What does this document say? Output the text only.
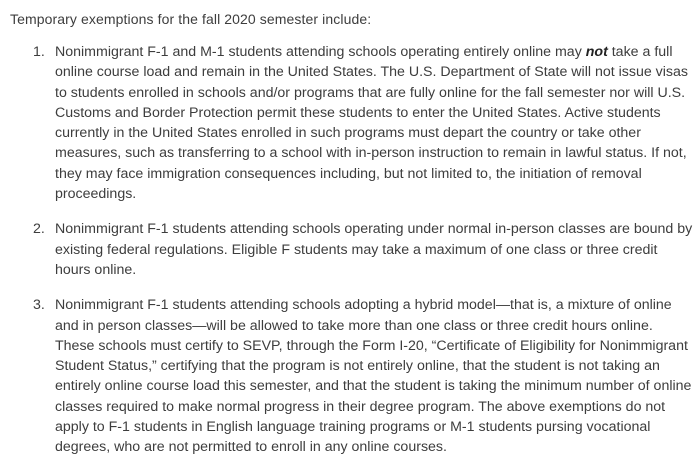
Temporary exemptions for the fall 2020 semester include:

1. Nonimmigrant F-1 and M-1 students attending schools operating entirely online may not take a full online course load and remain in the United States. The U.S. Department of State will not issue visas to students enrolled in schools and/or programs that are fully online for the fall semester nor will U.S. Customs and Border Protection permit these students to enter the United States. Active students currently in the United States enrolled in such programs must depart the country or take other measures, such as transferring to a school with in-person instruction to remain in lawful status. If not, they may face immigration consequences including, but not limited to, the initiation of removal proceedings.
2. Nonimmigrant F-1 students attending schools operating under normal in-person classes are bound by existing federal regulations. Eligible F students may take a maximum of one class or three credit hours online.
3. Nonimmigrant F-1 students attending schools adopting a hybrid model—that is, a mixture of online and in person classes—will be allowed to take more than one class or three credit hours online. These schools must certify to SEVP, through the Form I-20, “Certificate of Eligibility for Nonimmigrant Student Status,” certifying that the program is not entirely online, that the student is not taking an entirely online course load this semester, and that the student is taking the minimum number of online classes required to make normal progress in their degree program. The above exemptions do not apply to F-1 students in English language training programs or M-1 students pursing vocational degrees, who are not permitted to enroll in any online courses.
